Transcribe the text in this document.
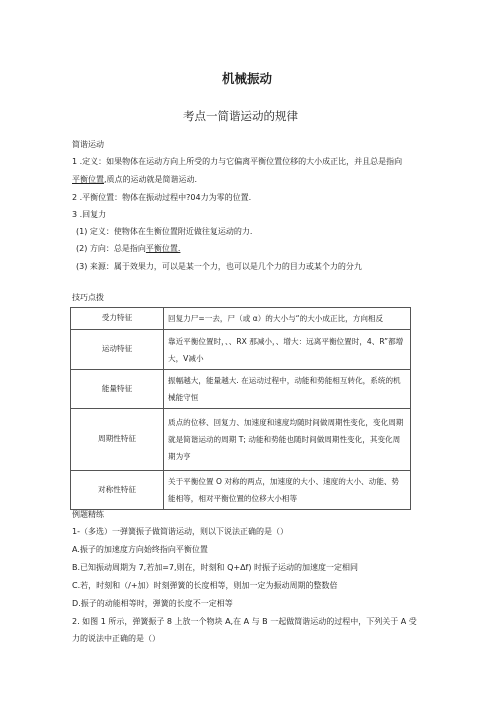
机械振动
考点一简谐运动的规律
简谐运动
1 .定义：如果物体在运动方向上所受的力与它偏离平衡位置位移的大小成正比，并且总是指向
平衡位置,质点的运动就是简谐运动.
2 .平衡位置：物体在振动过程中?04力为零的位置.
3 .回复力
(1) 定义：使物体在生衡位置附近做往复运动的力.
(2) 方向：总是指向平衡位置.
(3) 来源：属于效果力，可以是某一个力，也可以是几个力的目力或某个力的分九
技巧点拨
受力特征	回复力尸=一去，尸（或 α）的大小与“的大小成正比，方向相反
运动特征	靠近平衡位置时，、、RX 那减小，、增大：远离平衡位置时，4、R”都增大，V减小
能量特征	振幅越大，能量越大. 在运动过程中，动能和势能相互转化，系统的机械能守恒
周期性特征	质点的位移、回复力、加速度和速度均随时间做周期性变化，变化周期就是简谐运动的周期 T; 动能和势能也随时间做周期性变化，其变化周期为亨
对称性特征	关于平衡位置 O 对称的两点，加速度的大小、速度的大小、动能、势能相等，相对平衡位置的位移大小相等
例题精练
1-（多选）一弹簧振子做简谐运动，则以下说法正确的是（）
A.振子的加速度方向始终指向平衡位置
B.已知振动周期为 7,若加=7,则在，时刻和 Q+Δf) 时振子运动的加速度一定相同
C.若，时刻和（/+加）时刻弹簧的长度相等，则加一定为振动周期的整数倍
D.振子的动能相等时，弹簧的长度不一定相等
2. 如图 1 所示，弹簧振子 8 上放一个物块 A,在 A 与 B 一起做简谐运动的过程中，下列关于 A 受
力的说法中正确的是（）
